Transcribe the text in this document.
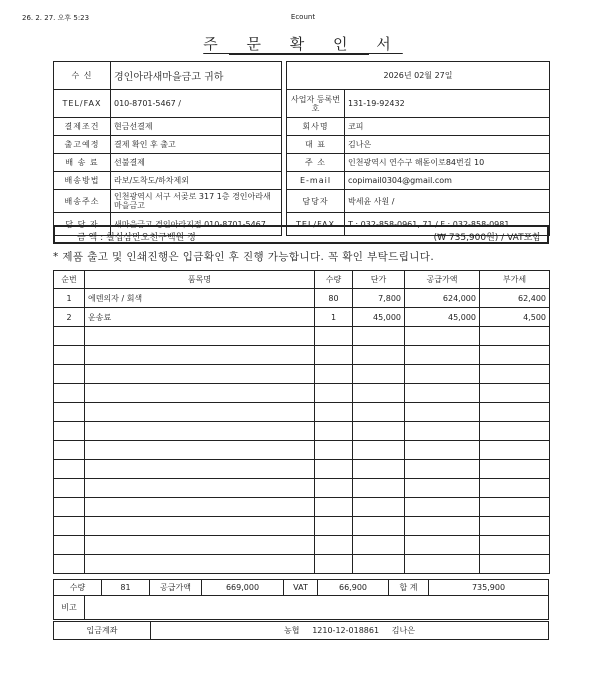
26. 2. 27. 오후 5:23	Ecount
주 문 확 인 서
수 신	경인아라새마을금고 귀하
TEL/FAX	010-8701-5467 /
결제조건	현금선결제
출고예정	결제 확인 후 출고
배 송 료	선불결제
배송방법	라보/도착도/하차제외
배송주소	인천광역시 서구 서곶로 317 1층 경인아라새마을금고
담 당 자	새마을금고 경인아라지점 010-8701-5467
2026년 02월 27일	
사업자 등록번호	131-19-92432
회사명	코피
대 표	김나은
주 소	인천광역시 연수구 해돋이로84번길 10
E-mail	copimail0304@gmail.com
담당자	박세윤 사원 /
TEL/FAX	T : 032-858-0961, 71 / F : 032-858-0981
금 액 : 칠십삼만오천구백원 정	(₩ 735,900원) / VAT포함
* 제품 출고 및 인쇄진행은 입금확인 후 진행 가능합니다. 꼭 확인 부탁드립니다.
순번	품목명	수량	단가	공급가액	부가세
1	에덴의자 / 회색	80	7,800	624,000	62,400
2	운송료	1	45,000	45,000	4,500

수량	81	공급가액	669,000	VAT	66,900	합 계	735,900
비고	
입금계좌	농협     1210-12-018861     김나은
